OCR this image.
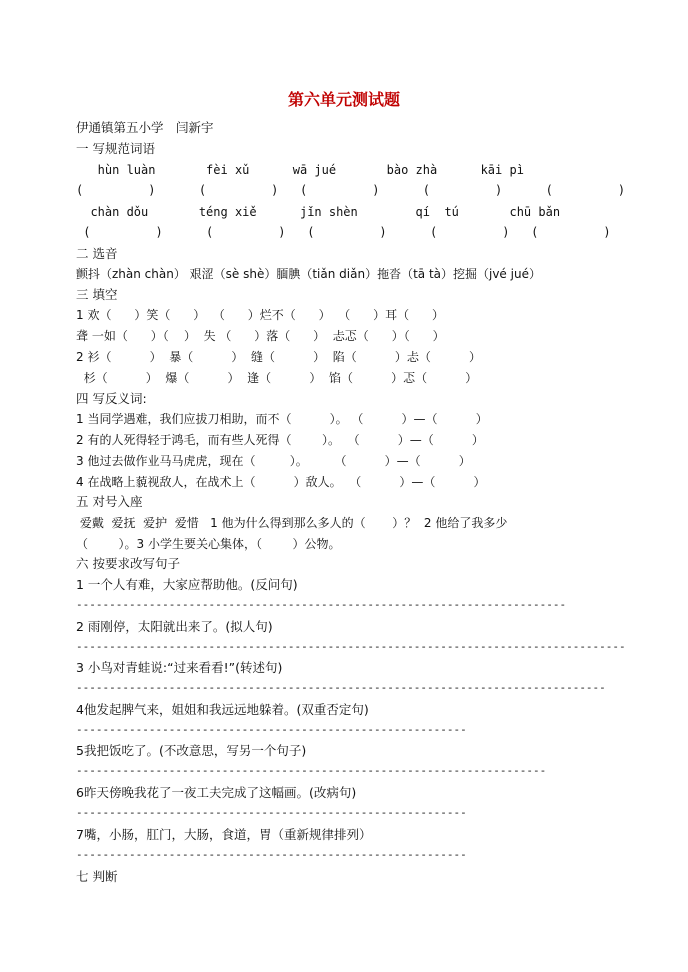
第六单元测试题
伊通镇第五小学　闫新宇
一 写规范词语
hùn luàn       fèi xǔ      wā jué       bào zhà      kāi pì
(         )      (         )   (         )      (         )      (         )
chàn dǒu       téng xiě      jǐn shèn        qí  tú       chū bǎn
(         )      (         )   (         )      (         )   (         )
二 选音
颤抖（zhàn chàn） 艰涩（sè shè）腼腆（tiǎn diǎn）拖沓（tā tà）挖掘（jvé jué）
三 填空
1 欢（      ）笑（      ）  （      ）烂不（      ）  （      ）耳（      ）
聋 一如（      ）（    ）  失 （      ）落（      ）  忐忑（      ）（      ）
2 衫（          ）  暴（          ）  缝（          ）  陷（          ）忐（          ）
杉（          ）  爆（          ）  逢（          ）  馅（          ）忑（          ）
四 写反义词:
1 当同学遇难，我们应拔刀相助，而不（          ）。 （          ）—（          ）
2 有的人死得轻于鸿毛，而有些人死得（        ）。  （          ）—（          ）
3 他过去做作业马马虎虎，现在（         ）。       （          ）—（          ）
4 在战略上藐视敌人，在战术上（          ）敌人。  （          ）—（          ）
五 对号入座
爱戴  爱抚  爱护  爱惜   1 他为什么得到那么多人的（       ）？  2 他给了我多少
（        ）。3 小学生要关心集体，（        ）公物。
六 按要求改写句子
1 一个人有难，大家应帮助他。(反问句)
--------------------------------------------------------------------------
2 雨刚停，太阳就出来了。(拟人句)
-----------------------------------------------------------------------------------
3 小鸟对青蛙说:“过来看看!”(转述句)
--------------------------------------------------------------------------------
4他发起脾气来，姐姐和我远远地躲着。(双重否定句)
-----------------------------------------------------------
5我把饭吃了。(不改意思，写另一个句子)
-----------------------------------------------------------------------
6昨天傍晚我花了一夜工夫完成了这幅画。(改病句)
-----------------------------------------------------------
7嘴，小肠，肛门，大肠，食道，胃（重新规律排列）
-----------------------------------------------------------
七 判断
